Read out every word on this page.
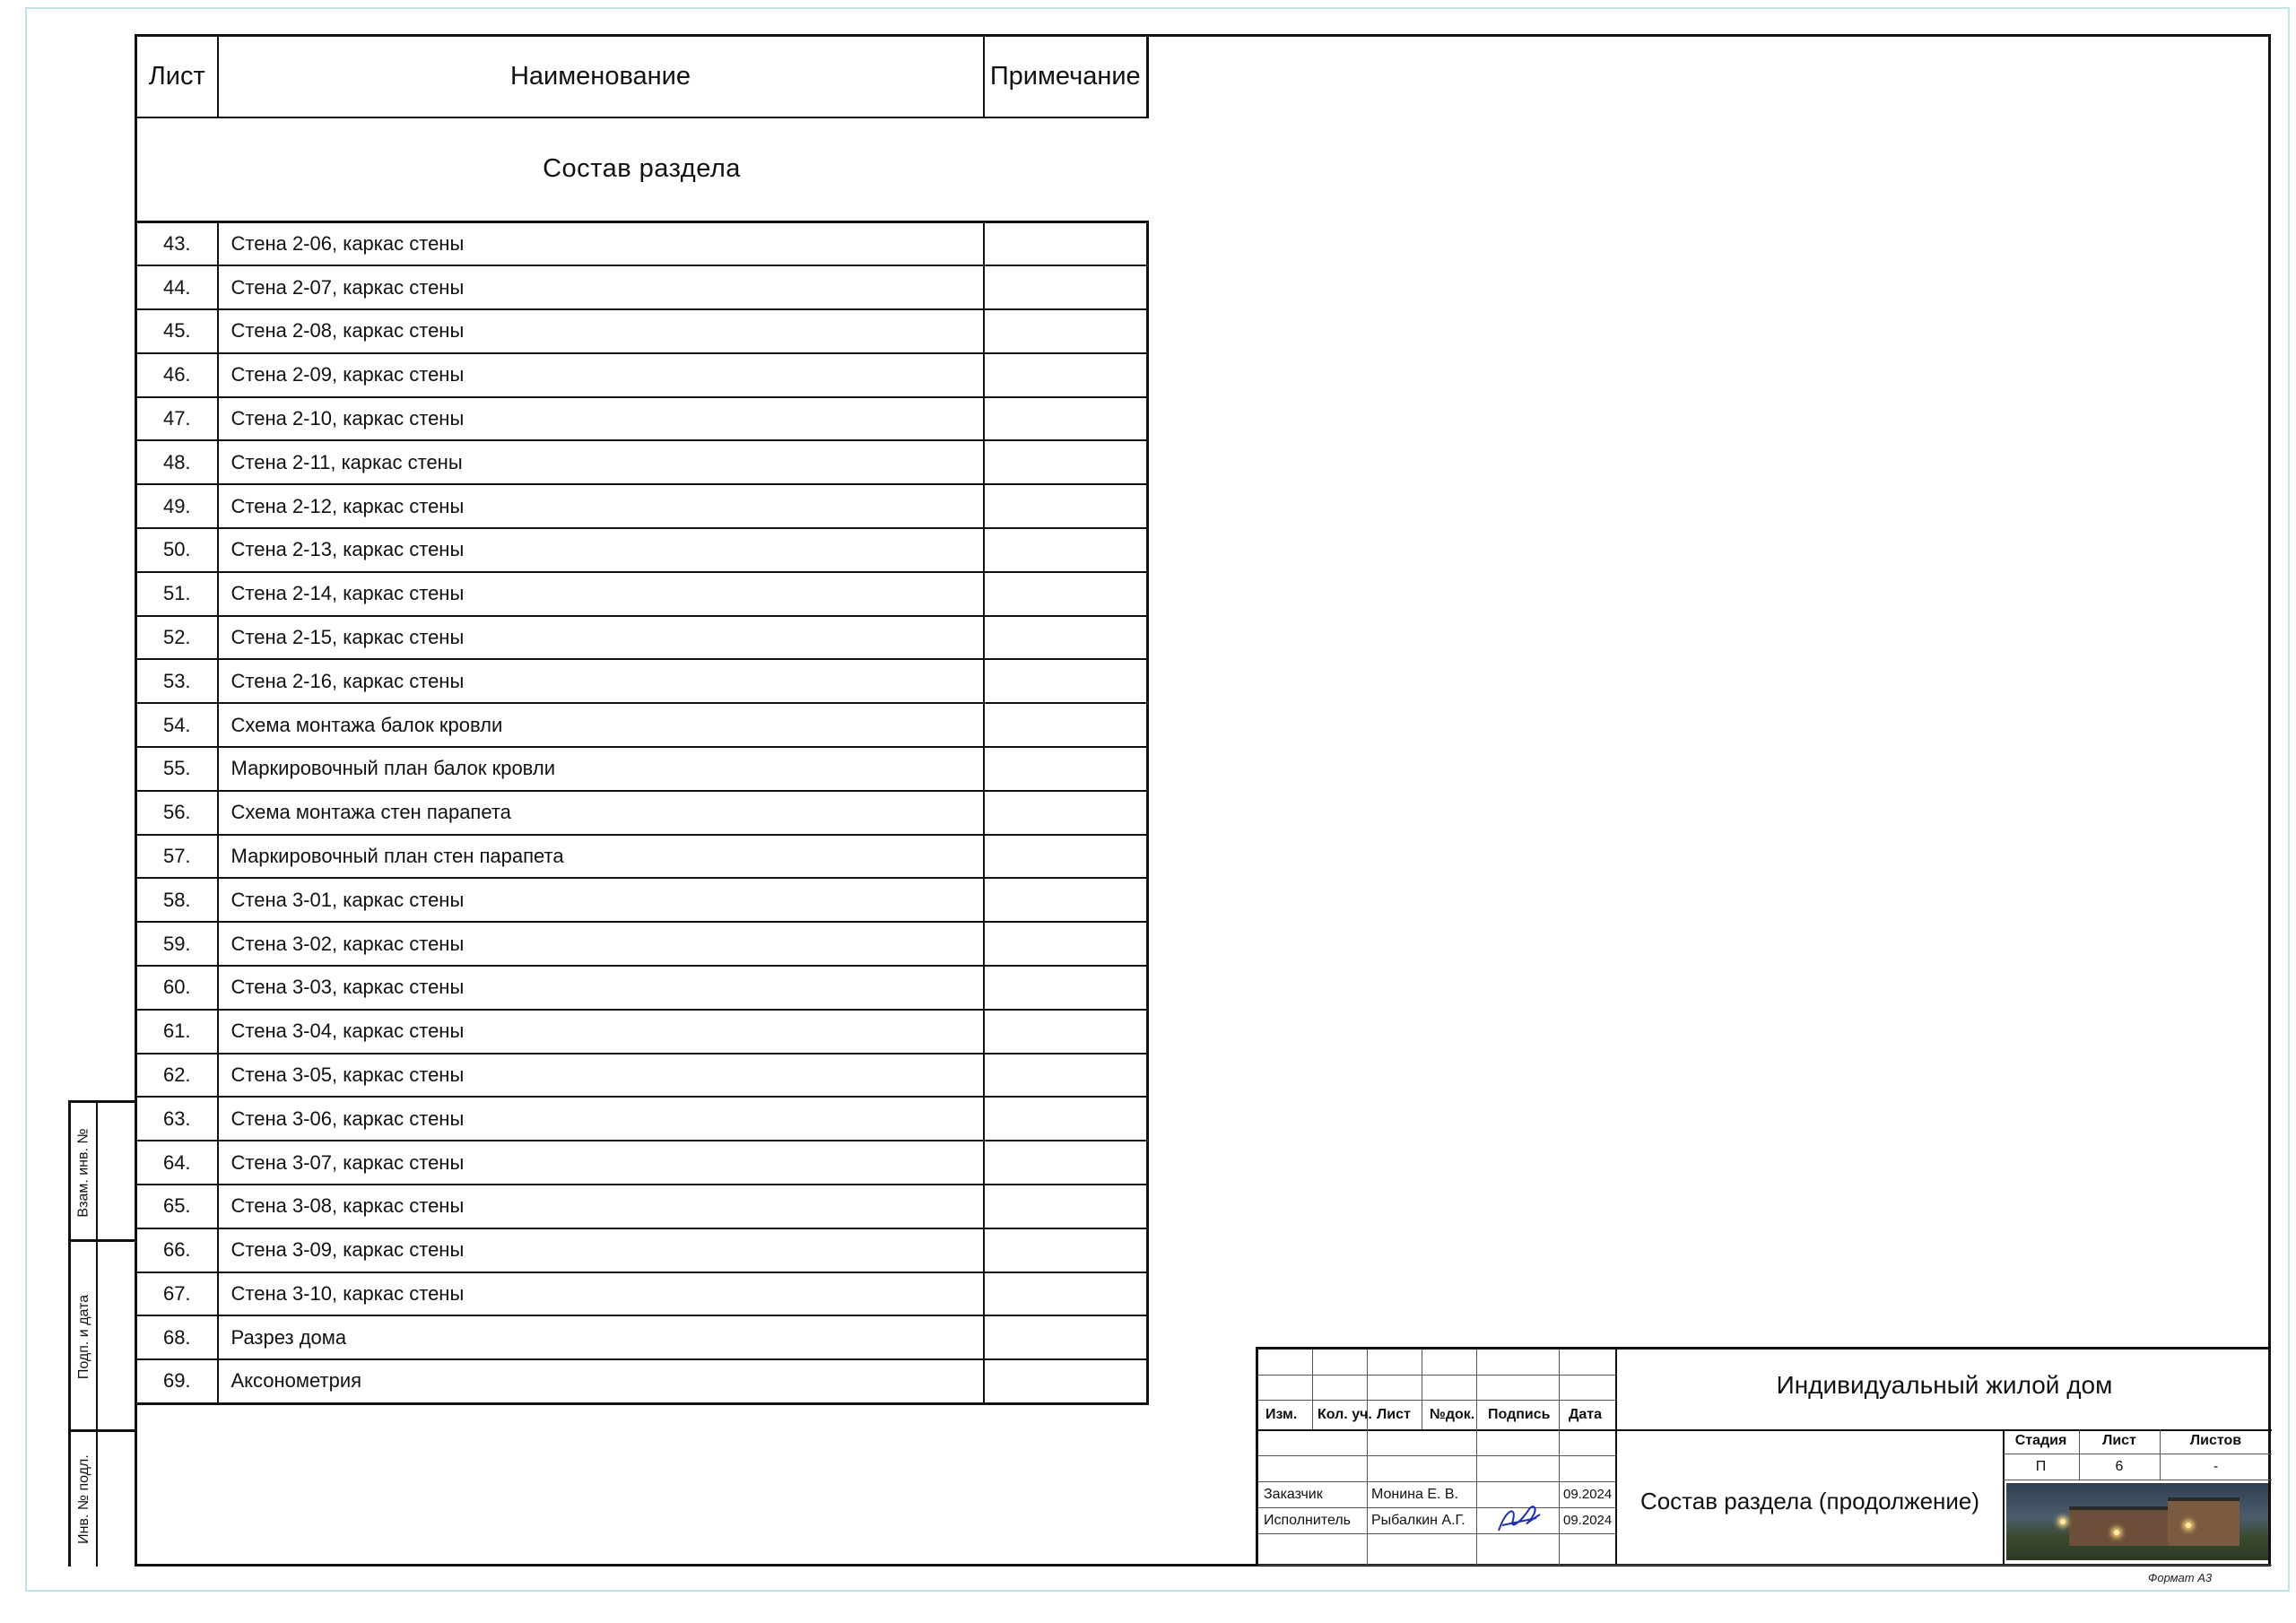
Состав раздела		
Лист	Наименование	Примечание
43.	Стена 2-06, каркас стены	
44.	Стена 2-07, каркас стены	
45.	Стена 2-08, каркас стены	
46.	Стена 2-09, каркас стены	
47.	Стена 2-10, каркас стены	
48.	Стена 2-11, каркас стены	
49.	Стена 2-12, каркас стены	
50.	Стена 2-13, каркас стены	
51.	Стена 2-14, каркас стены	
52.	Стена 2-15, каркас стены	
53.	Стена 2-16, каркас стены	
54.	Схема монтажа балок кровли	
55.	Маркировочный план балок кровли	
56.	Схема монтажа стен парапета	
57.	Маркировочный план стен парапета	
58.	Стена 3-01, каркас стены	
59.	Стена 3-02, каркас стены	
60.	Стена 3-03, каркас стены	
61.	Стена 3-04, каркас стены	
62.	Стена 3-05, каркас стены	
63.	Стена 3-06, каркас стены	
64.	Стена 3-07, каркас стены	
65.	Стена 3-08, каркас стены	
66.	Стена 3-09, каркас стены	
67.	Стена 3-10, каркас стены	
68.	Разрез дома	
69.	Аксонометрия	
Взам. инв. №
Подп. и дата
Инв. № подл.
Изм. Кол. уч. Лист №док. Подпись Дата
Заказчик	Монина Е. В.	09.2024
Исполнитель Рыбалкин А.Г.	09.2024
Индивидуальный жилой дом
Состав раздела (продолжение)
Стадия	Лист	Листов
П	6	-
Формат А3
